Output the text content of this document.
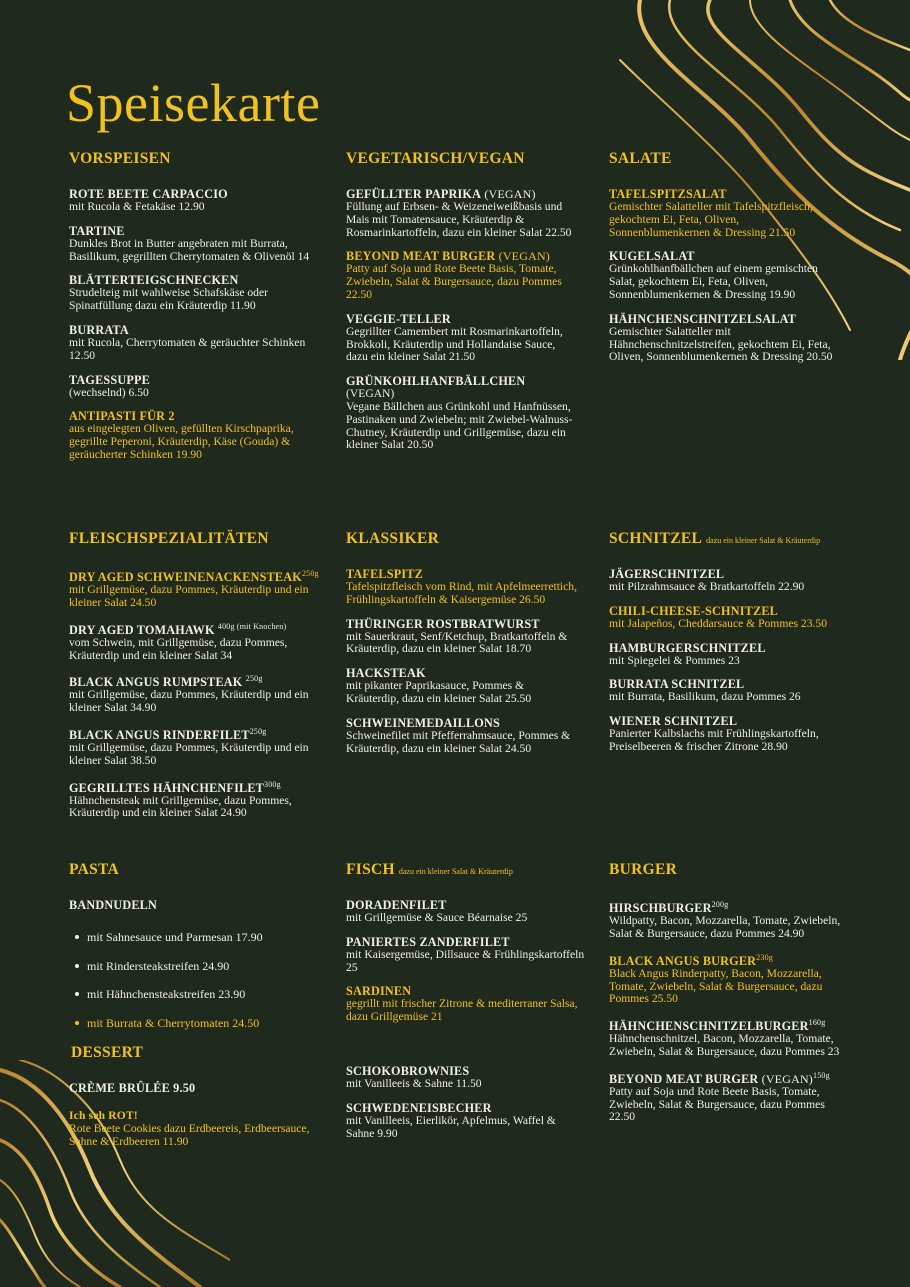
Speisekarte
VORSPEISEN
ROTE BEETE CARPACCIO
mit Rucola & Fetakäse 12.90
TARTINE
Dunkles Brot in Butter angebraten mit Burrata, Basilikum, gegrillten Cherrytomaten & Olivenöl 14
BLÄTTERTEIGSCHNECKEN
Strudelteig mit wahlweise Schafskäse oder Spinatfüllung dazu ein Kräuterdip 11.90
BURRATA
mit Rucola, Cherrytomaten & geräuchter Schinken 12.50
TAGESSUPPE
(wechselnd) 6.50
ANTIPASTI FÜR 2
aus eingelegten Oliven, gefüllten Kirschpaprika, gegrillte Peperoni, Kräuterdip, Käse (Gouda) & geräucherter Schinken 19.90
VEGETARISCH/VEGAN
GEFÜLLTER PAPRIKA (VEGAN)
Füllung auf Erbsen- & Weizeneiweißbasis und Mais mit Tomatensauce, Kräuterdip & Rosmarinkartoffeln, dazu ein kleiner Salat 22.50
BEYOND MEAT BURGER (VEGAN)
Patty auf Soja und Rote Beete Basis, Tomate, Zwiebeln, Salat & Burgersauce, dazu Pommes 22.50
VEGGIE-TELLER
Gegrillter Camembert mit Rosmarinkartoffeln, Brokkoli, Kräuterdip und Hollandaise Sauce, dazu ein kleiner Salat 21.50
GRÜNKOHLHANFBÄLLCHEN
(VEGAN)
Vegane Bällchen aus Grünkohl und Hanfnüssen, Pastinaken und Zwiebeln; mit Zwiebel-Walnuss-Chutney, Kräuterdip und Grillgemüse, dazu ein kleiner Salat 20.50
SALATE
TAFELSPITZSALAT
Gemischter Salatteller mit Tafelspitzfleisch, gekochtem Ei, Feta, Oliven, Sonnenblumenkernen & Dressing 21.50
KUGELSALAT
Grünkohlhanfbällchen auf einem gemischten Salat, gekochtem Ei, Feta, Oliven, Sonnenblumenkernen & Dressing 19.90
HÄHNCHENSCHNITZELSALAT
Gemischter Salatteller mit Hähnchenschnitzelstreifen, gekochtem Ei, Feta, Oliven, Sonnenblumenkernen & Dressing 20.50
FLEISCHSPEZIALITÄTEN
DRY AGED $SCHWEINENACKENSTEAK^{250g}$
mit Grillgemüse, dazu Pommes, Kräuterdip und ein kleiner Salat 24.50
DRY AGED TOMAHAWK $^{400g (mit Knochen)}$
vom Schwein, mit Grillgemüse, dazu Pommes, Kräuterdip und ein kleiner Salat 34
BLACK ANGUS RUMPSTEAK $^{250g}$
mit Grillgemüse, dazu Pommes, Kräuterdip und ein kleiner Salat 34.90
BLACK ANGUS $RINDERFILET^{250g}$
mit Grillgemüse, dazu Pommes, Kräuterdip und ein kleiner Salat 38.50
GEGRILLTES $HÄHNCHENFILET^{300g}$
Hähnchensteak mit Grillgemüse, dazu Pommes, Kräuterdip und ein kleiner Salat 24.90
KLASSIKER
TAFELSPITZ
Tafelspitzfleisch vom Rind, mit Apfelmeerrettich, Frühlingskartoffeln & Kaisergemüse 26.50
THÜRINGER ROSTBRATWURST
mit Sauerkraut, Senf/Ketchup, Bratkartoffeln & Kräuterdip, dazu ein kleiner Salat 18.70
HACKSTEAK
mit pikanter Paprikasauce, Pommes & Kräuterdip, dazu ein kleiner Salat 25.50
SCHWEINEMEDAILLONS
Schweinefilet mit Pfefferrahmsauce, Pommes & Kräuterdip, dazu ein kleiner Salat 24.50
SCHNITZEL dazu ein kleiner Salat & Kräuterdip
JÄGERSCHNITZEL
mit Pilzrahmsauce & Bratkartoffeln 22.90
CHILI-CHEESE-SCHNITZEL
mit Jalapeños, Cheddarsauce & Pommes 23.50
HAMBURGERSCHNITZEL
mit Spiegelei & Pommes 23
BURRATA SCHNITZEL
mit Burrata, Basilikum, dazu Pommes 26
WIENER SCHNITZEL
Panierter Kalbslachs mit Frühlingskartoffeln, Preiselbeeren & frischer Zitrone 28.90
PASTA
BANDNUDELN
mit Sahnesauce und Parmesan 17.90
mit Rindersteakstreifen 24.90
mit Hähnchensteakstreifen 23.90
mit Burrata & Cherrytomaten 24.50
DESSERT
CRÈME BRÛLÉE 9.50
Ich seh ROT!
Rote Beete Cookies dazu Erdbeereis, Erdbeersauce, Sahne & Erdbeeren 11.90
FISCH dazu ein kleiner Salat & Kräuterdip
DORADENFILET
mit Grillgemüse & Sauce Béarnaise 25
PANIERTES ZANDERFILET
mit Kaisergemüse, Dillsauce & Frühlingskartoffeln 25
SARDINEN
gegrillt mit frischer Zitrone & mediterraner Salsa, dazu Grillgemüse 21
SCHOKOBROWNIES
mit Vanilleeis & Sahne 11.50
SCHWEDENEISBECHER
mit Vanilleeis, Eierlikör, Apfelmus, Waffel & Sahne 9.90
BURGER
$HIRSCHBURGER^{200g}$
Wildpatty, Bacon, Mozzarella, Tomate, Zwiebeln, Salat & Burgersauce, dazu Pommes 24.90
BLACK ANGUS $BURGER^{230g}$
Black Angus Rinderpatty, Bacon, Mozzarella, Tomate, Zwiebeln, Salat & Burgersauce, dazu Pommes 25.50
$HÄHNCHENSCHNITZELBURGER^{160g}$
Hähnchenschnitzel, Bacon, Mozzarella, Tomate, Zwiebeln, Salat & Burgersauce, dazu Pommes 23
BEYOND MEAT BURGER (VEGAN)$^{150g}$
Patty auf Soja und Rote Beete Basis, Tomate, Zwiebeln, Salat & Burgersauce, dazu Pommes 22.50
